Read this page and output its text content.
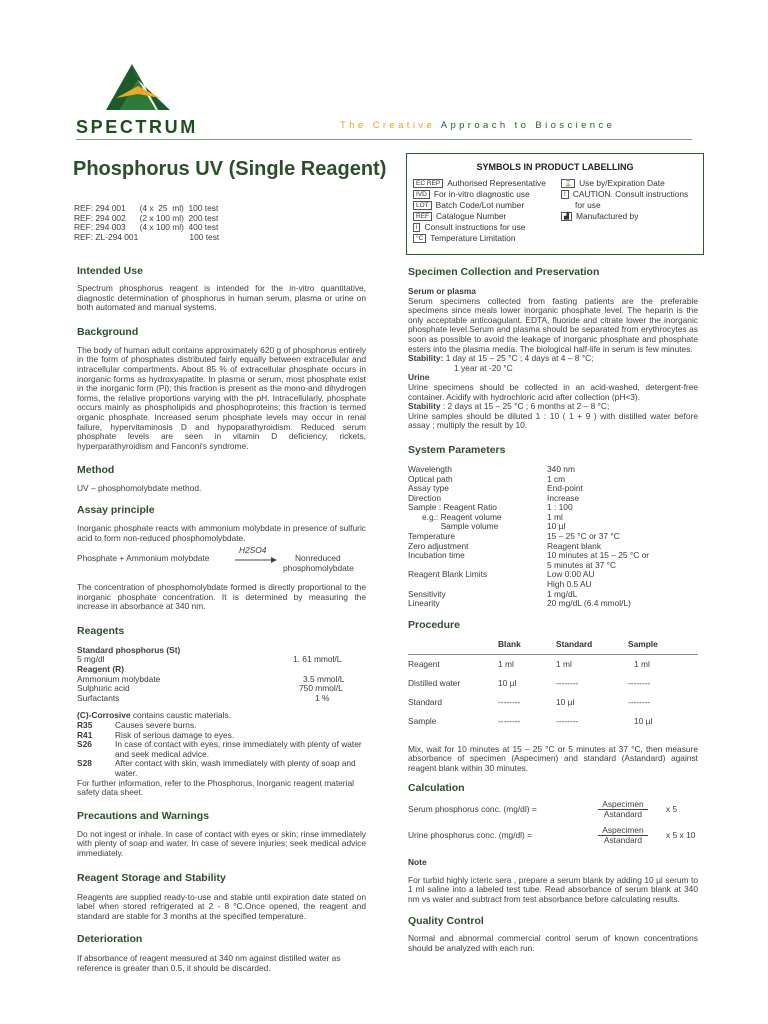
SPECTRUM	The Creative Approach to Bioscience
Phosphorus UV (Single Reagent)
REF: 294 001      (4 x  25  ml)  100 test
REF: 294 002      (2 x 100 ml)  200 test
REF: 294 003      (4 x 100 ml)  400 test
REF: ZL-294 001                      100 test
SYMBOLS IN PRODUCT LABELLING
EC REP Authorised Representative
IVD For in-vitro diagnostic use
LOT Batch Code/Lot number
REF Catalogue Number
i Consult instructions for use
°C Temperature Limitation
⌛ Use by/Expiration Date
! CAUTION. Consult instructions
for use
▟ Manufactured by
Intended Use
Spectrum phosphorus reagent is intended for the in-vitro quantitative, diagnostic determination of phosphorus in human serum, plasma or urine on both automated and manual systems.
Background
The body of human adult contains approximately 620 g of phosphorus entirely in the form of phosphates distributed fairly equally between extracellular and intracellular compartments. About 85 % of extracellular phosphate occurs in inorganic forms as hydroxyapatite. In plasma or serum, most phosphate exist in the inorganic form (Pi); this fraction is present as the mono-and dihydrogen forms, the relative proportions varying with the pH. Intracellularly, phosphate occurs mainly as phospholipids and phosphoproteins; this fraction is termed organic phosphate. Increased serum phosphate levels may occur in renal failure, hypervitaminosis D and hypoparathyroidism. Reduced serum phosphate levels are seen in vitamin D deficiency, rickets, hyperparathyroidism and Fanconi's syndrome.
Method
UV – phosphomolybdate method.
Assay principle
Inorganic phosphate reacts with ammonium molybdate in presence of sulfuric acid to form non-reduced phosphomolybdate.
Phosphate + Ammonium molybdate
H2SO4
→ Nonreduced
phosphomolybdate
The concentration of phosphomolybdate formed is directly proportional to the inorganic phosphate concentration. It is determined by measuring the increase in absorbance at 340 nm.
Reagents
Standard phosphorus (St)
5 mg/dl	1. 61 mmol/L
Reagent (R)
Ammonium molybdate	3.5 mmol/L
Sulphuric acid	750 mmol/L
Surfactants	1 %
(C)-Corrosive contains caustic materials.
R35	Causes severe burns.
R41	Risk of serious damage to eyes.
S26	In case of contact with eyes, rinse immediately with plenty of water and seek medical advice.
S28	After contact with skin, wash immediately with plenty of soap and water.
For further information, refer to the Phosphorus, Inorganic reagent material safety data sheet.
Precautions and Warnings
Do not ingest or inhale. In case of contact with eyes or skin; rinse immediately with plenty of soap and water. In case of severe injuries; seek medical advice immediately.
Reagent Storage and Stability
Reagents are supplied ready-to-use and stable until expiration date stated on label when stored refrigerated at 2 - 8 °C.Once opened, the reagent and standard are stable for 3 months at the specified temperature.
Deterioration
If absorbance of reagent measured at 340 nm against distilled water as reference is greater than 0.5, it should be discarded.
Specimen Collection and Preservation
Serum or plasma
Serum specimens collected from fasting patients are the preferable specimens since meals lower inorganic phosphate level. The heparin is the only acceptable anticoagulant. EDTA, fluoride and citrate lower the inorganic phosphate level.Serum and plasma should be separated from erythrocytes as soon as possible to avoid the leakage of inorganic phosphate and phosphate esters into the plasma media. The biological half-life in serum is few minutes.
Stability: 1 day at 15 – 25 °C ; 4 days at 4 – 8 °C;
1 year at -20 °C
Urine
Urine specimens should be collected in an acid-washed, detergent-free container. Acidify with hydrochloric acid after collection (pH<3).
Stability : 2 days at 15 – 25 °C ; 6 months at 2 – 8 °C;
Urine samples should be diluted 1 : 10 ( 1 + 9 ) with distilled water before assay ; multiply the result by 10.
System Parameters
Wavelength	340 nm
Optical path	1 cm
Assay type	End-point
Direction	Increase
Sample : Reagent Ratio	1 : 100
e.g.: Reagent volume	1 ml
Sample volume	10 µl
Temperature	15 – 25 °C or 37 °C
Zero adjustment	Reagent blank
Incubation time	10 minutes at 15 – 25 °C or
5 minutes at 37 °C
Reagent Blank Limits	Low 0.00 AU
High 0.5 AU
Sensitivity	1 mg/dL
Linearity	20 mg/dL (6.4 mmol/L)
Procedure
	Blank	Standard	Sample
Reagent	1 ml	1 ml	1 ml
Distilled water	10 µl	--------	--------
Standard	--------	10 µl	--------
Sample	--------	--------	10 µl
Mix, wait for 10 minutes at 15 – 25 °C or 5 minutes at 37 °C, then measure absorbance of specimen (Aspecimen) and standard (Astandard) against reagent blank within 30 minutes.
Calculation
Serum phosphorus conc. (mg/dl) =	$\frac{\text{Aspecimen}}{\text{Astandard}}$ x 5
Urine phosphorus conc. (mg/dl) =	$\frac{\text{Aspecimen}}{\text{Astandard}}$ x 5 x 10
Note
For turbid highly icteric sera , prepare a serum blank by adding 10 µl serum to 1 ml saline into a labeled test tube. Read absorbance of serum blank at 340 nm vs water and subtract from test absorbance before calculating results.
Quality Control
Normal and abnormal commercial control serum of known concentrations should be analyzed with each run.
